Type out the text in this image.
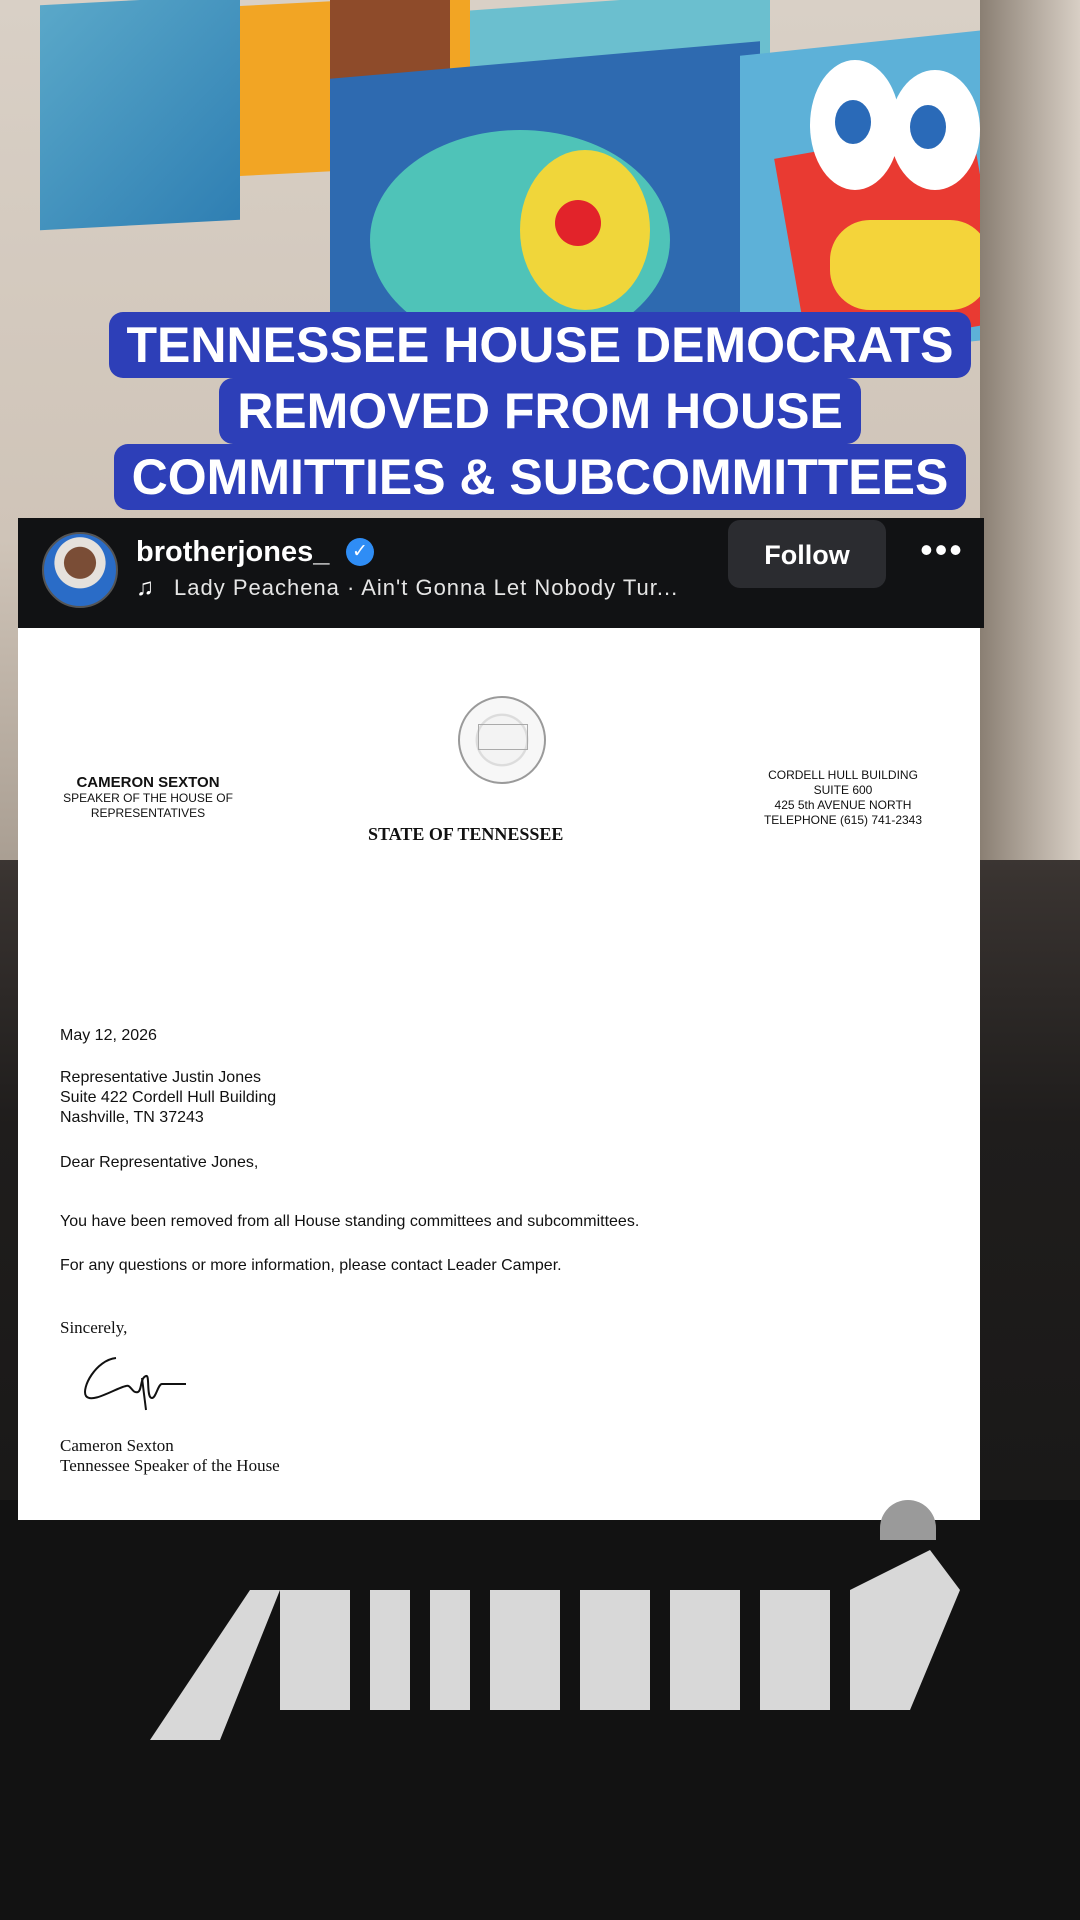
TENNESSEE HOUSE DEMOCRATS
REMOVED FROM HOUSE
COMMITTIES & SUBCOMMITTEES
brotherjones_	✓
♫ Lady Peachena · Ain't Gonna Let Nobody Tur...
Follow	•••
CAMERON SEXTON
SPEAKER OF THE HOUSE OF
REPRESENTATIVES
STATE OF TENNESSEE
CORDELL HULL BUILDING
SUITE 600
425 5th AVENUE NORTH
TELEPHONE (615) 741-2343
May 12, 2026
Representative Justin Jones
Suite 422 Cordell Hull Building
Nashville, TN 37243
Dear Representative Jones,
You have been removed from all House standing committees and subcommittees.
For any questions or more information, please contact Leader Camper.
Sincerely,
Cameron Sexton
Tennessee Speaker of the House
